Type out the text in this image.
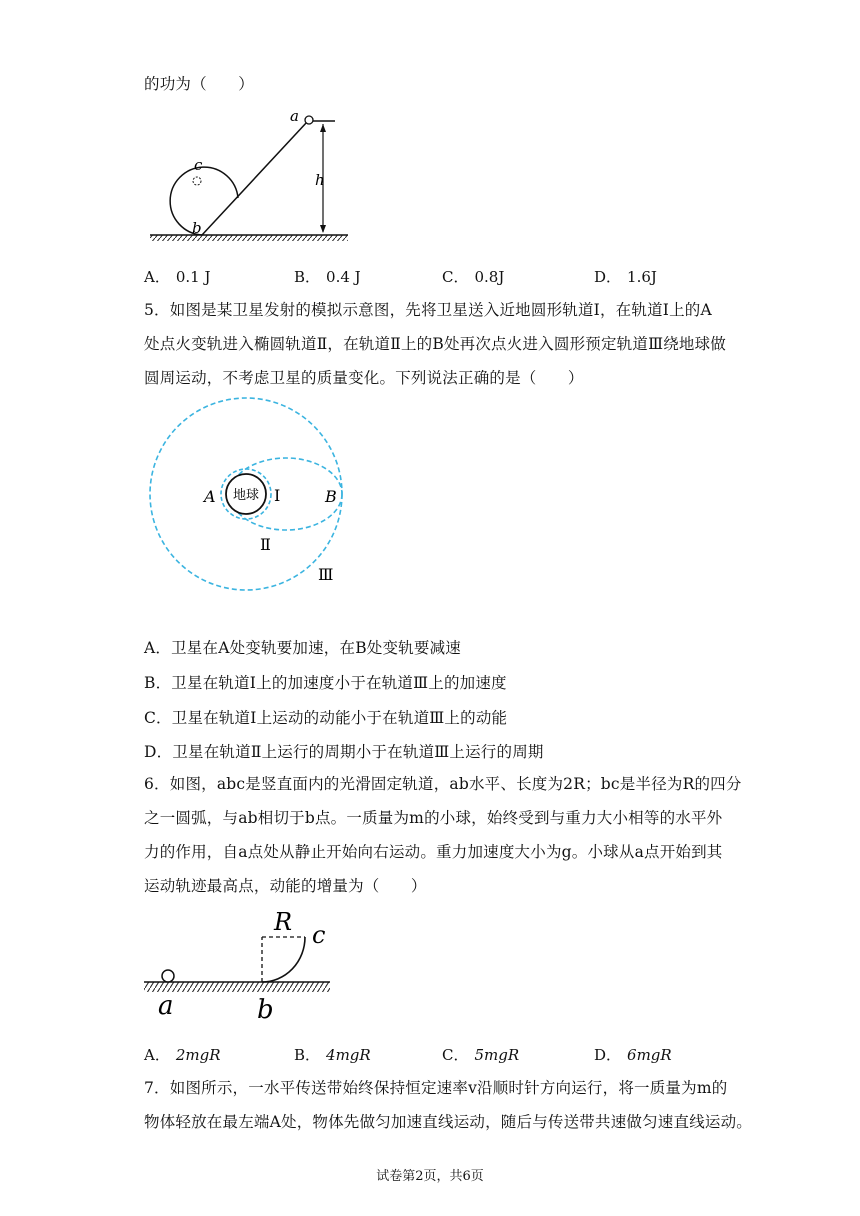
的功为（　　）
c
b
a
h
A． 0.1 J	B． 0.4 J	C． 0.8J	D． 1.6J
5．如图是某卫星发射的模拟示意图，先将卫星送入近地圆形轨道Ⅰ，在轨道Ⅰ上的A
处点火变轨进入椭圆轨道Ⅱ，在轨道Ⅱ上的B处再次点火进入圆形预定轨道Ⅲ绕地球做
圆周运动，不考虑卫星的质量变化。下列说法正确的是（　　）
地球
A	B
Ⅰ
Ⅱ
Ⅲ
A．卫星在A处变轨要加速，在B处变轨要减速
B．卫星在轨道Ⅰ上的加速度小于在轨道Ⅲ上的加速度
C．卫星在轨道Ⅰ上运动的动能小于在轨道Ⅲ上的动能
D．卫星在轨道Ⅱ上运行的周期小于在轨道Ⅲ上运行的周期
6．如图，abc是竖直面内的光滑固定轨道，ab水平、长度为2R；bc是半径为R的四分
之一圆弧，与ab相切于b点。一质量为m的小球，始终受到与重力大小相等的水平外
力的作用，自a点处从静止开始向右运动。重力加速度大小为g。小球从a点开始到其
运动轨迹最高点，动能的增量为（　　）
R c
a	b
A． 2mgR	B． 4mgR	C． 5mgR	D． 6mgR
7．如图所示，一水平传送带始终保持恒定速率v沿顺时针方向运行，将一质量为m的
物体轻放在最左端A处，物体先做匀加速直线运动，随后与传送带共速做匀速直线运动。
试卷第2页，共6页
